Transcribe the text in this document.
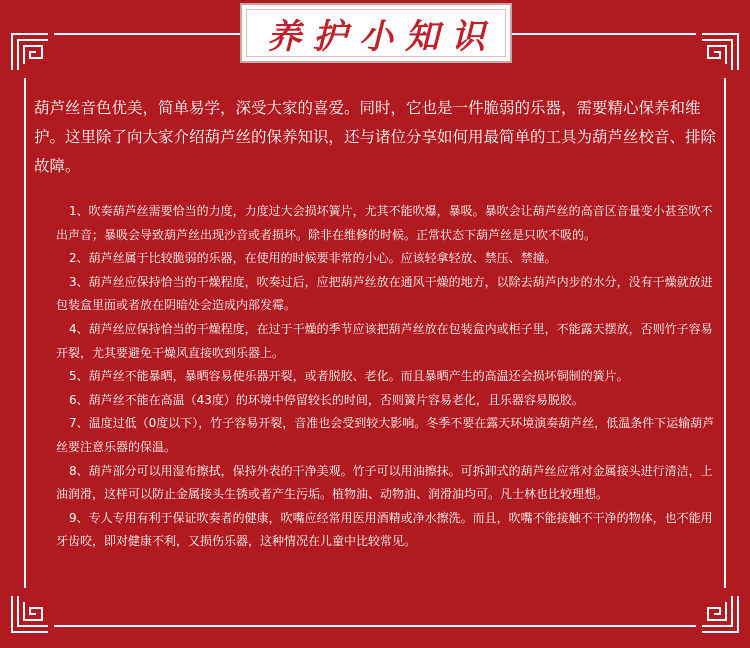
养护小知识

葫芦丝音色优美，简单易学，深受大家的喜爱。同时，它也是一件脆弱的乐器，需要精心保养和维护。这里除了向大家介绍葫芦丝的保养知识，还与诸位分享如何用最简单的工具为葫芦丝校音、排除故障。

1、吹奏葫芦丝需要恰当的力度，力度过大会损坏簧片，尤其不能吹爆，暴吸。暴吹会让葫芦丝的高音区音量变小甚至吹不出声音；暴吸会导致葫芦丝出现沙音或者损坏。除非在维修的时候。正常状态下葫芦丝是只吹不吸的。

2、葫芦丝属于比较脆弱的乐器，在使用的时候要非常的小心。应该轻拿轻放、禁压、禁撞。

3、葫芦丝应保持恰当的干燥程度，吹奏过后，应把葫芦丝放在通风干燥的地方，以除去葫芦内步的水分，没有干燥就放进包装盒里面或者放在阴暗处会造成内部发霉。

4、葫芦丝应保持恰当的干燥程度，在过于干燥的季节应该把葫芦丝放在包装盒内或柜子里，不能露天摆放，否则竹子容易开裂，尤其要避免干燥风直接吹到乐器上。

5、葫芦丝不能暴晒，暴晒容易使乐器开裂，或者脱胶、老化。而且暴晒产生的高温还会损坏铜制的簧片。

6、葫芦丝不能在高温（43度）的环境中停留较长的时间，否则簧片容易老化，且乐器容易脱胶。

7、温度过低（0度以下），竹子容易开裂，音准也会受到较大影响。冬季不要在露天环境演奏葫芦丝，低温条件下运输葫芦丝要注意乐器的保温。

8、葫芦部分可以用湿布擦拭，保持外表的干净美观。竹子可以用油擦抹。可拆卸式的葫芦丝应常对金属接头进行清洁，上油润滑，这样可以防止金属接头生锈或者产生污垢。植物油、动物油、润滑油均可。凡士林也比较理想。

9、专人专用有利于保证吹奏者的健康，吹嘴应经常用医用酒精或净水擦洗。而且，吹嘴不能接触不干净的物体，也不能用牙齿咬，即对健康不利，又损伤乐器，这种情况在儿童中比较常见。
